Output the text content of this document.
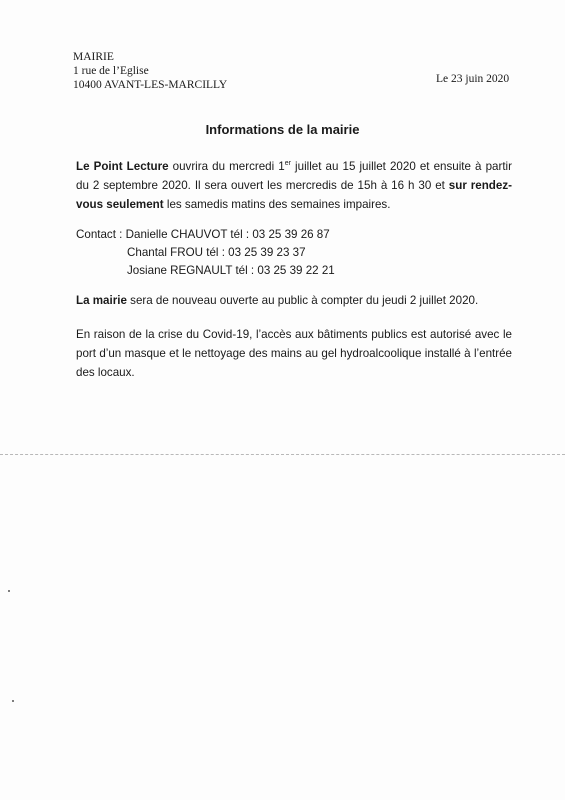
MAIRIE
1 rue de l’Eglise
10400 AVANT-LES-MARCILLY	Le 23 juin 2020
Informations de la mairie
Le Point Lecture ouvrira du mercredi 1er juillet au 15 juillet 2020 et ensuite à partir du 2 septembre 2020. Il sera ouvert les mercredis de 15h à 16 h 30 et sur rendez-vous seulement les samedis matins des semaines impaires.
Contact : Danielle CHAUVOT tél : 03 25 39 26 87
Chantal FROU tél : 03 25 39 23 37
Josiane REGNAULT tél : 03 25 39 22 21
La mairie sera de nouveau ouverte au public à compter du jeudi 2 juillet 2020.
En raison de la crise du Covid-19, l’accès aux bâtiments publics est autorisé avec le port d’un masque et le nettoyage des mains au gel hydroalcoolique installé à l’entrée des locaux.
